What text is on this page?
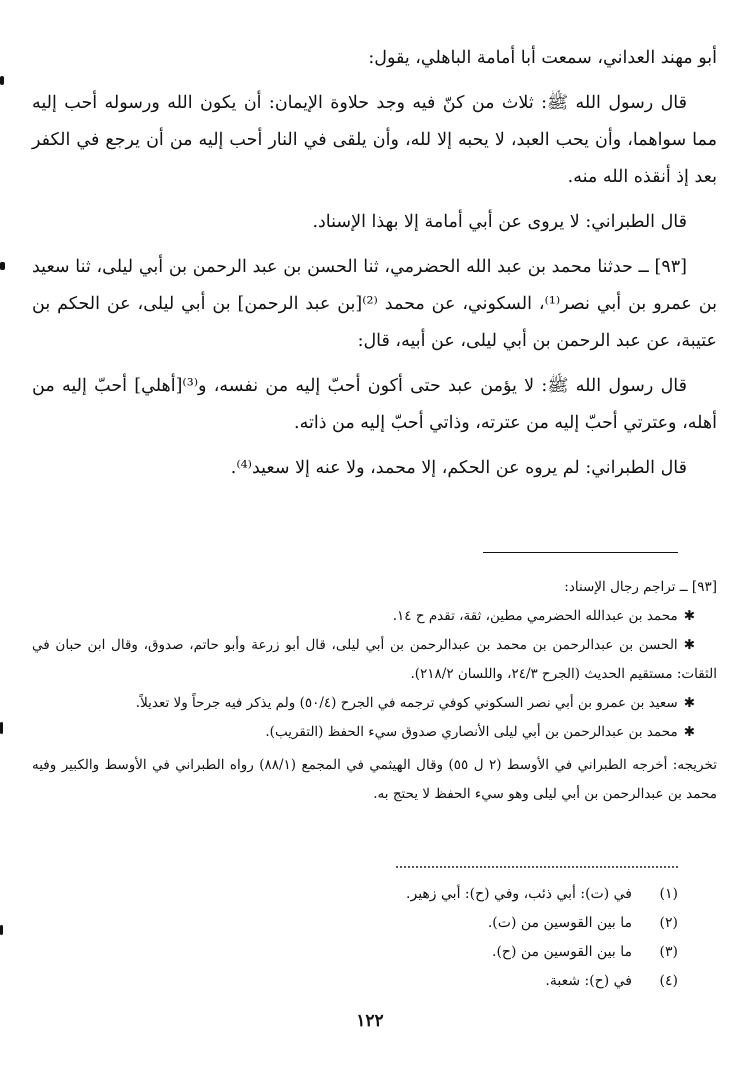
أبو مهند العداني، سمعت أبا أمامة الباهلي، يقول:

قال رسول الله ﷺ: ثلاث من كنّ فيه وجد حلاوة الإيمان: أن يكون الله ورسوله أحب إليه مما سواهما، وأن يحب العبد، لا يحبه إلا لله، وأن يلقى في النار أحب إليه من أن يرجع في الكفر بعد إذ أنقذه الله منه.

قال الطبراني: لا يروى عن أبي أمامة إلا بهذا الإسناد.

[٩٣] ــ حدثنا محمد بن عبد الله الحضرمي، ثنا الحسن بن عبد الرحمن بن أبي ليلى، ثنا سعيد بن عمرو بن أبي نصر⁽¹⁾، السكوني، عن محمد ⁽²⁾[بن عبد الرحمن] بن أبي ليلى، عن الحكم بن عتيبة، عن عبد الرحمن بن أبي ليلى، عن أبيه، قال:

قال رسول الله ﷺ: لا يؤمن عبد حتى أكون أحبّ إليه من نفسه، و⁽³⁾[أهلي] أحبّ إليه من أهله، وعترتي أحبّ إليه من عترته، وذاتي أحبّ إليه من ذاته.

قال الطبراني: لم يروه عن الحكم، إلا محمد، ولا عنه إلا سعيد⁽⁴⁾.

[٩٣] ــ تراجم رجال الإسناد:

✱محمد بن عبدالله الحضرمي مطين، ثقة، تقدم ح ١٤.

✱الحسن بن عبدالرحمن بن محمد بن عبدالرحمن بن أبي ليلى، قال أبو زرعة وأبو حاتم، صدوق، وقال ابن حبان في الثقات: مستقيم الحديث (الجرح ٢٤/٣، واللسان ٢١٨/٢).

✱سعيد بن عمرو بن أبي نصر السكوني كوفي ترجمه في الجرح (٥٠/٤) ولم يذكر فيه جرحاً ولا تعديلاً.

✱محمد بن عبدالرحمن بن أبي ليلى الأنصاري صدوق سيء الحفظ (التقريب).

تخريجه: أخرجه الطبراني في الأوسط (٢ ل ٥٥) وقال الهيثمي في المجمع (٨٨/١) رواه الطبراني في الأوسط والكبير وفيه محمد بن عبدالرحمن بن أبي ليلى وهو سيء الحفظ لا يحتج به.

(١)
في (ت): أبي ذئب، وفي (ح): أبي زهير.
(٢)
ما بين القوسين من (ت).
(٣)
ما بين القوسين من (ح).
(٤)
في (ح): شعبة.
١٢٢
